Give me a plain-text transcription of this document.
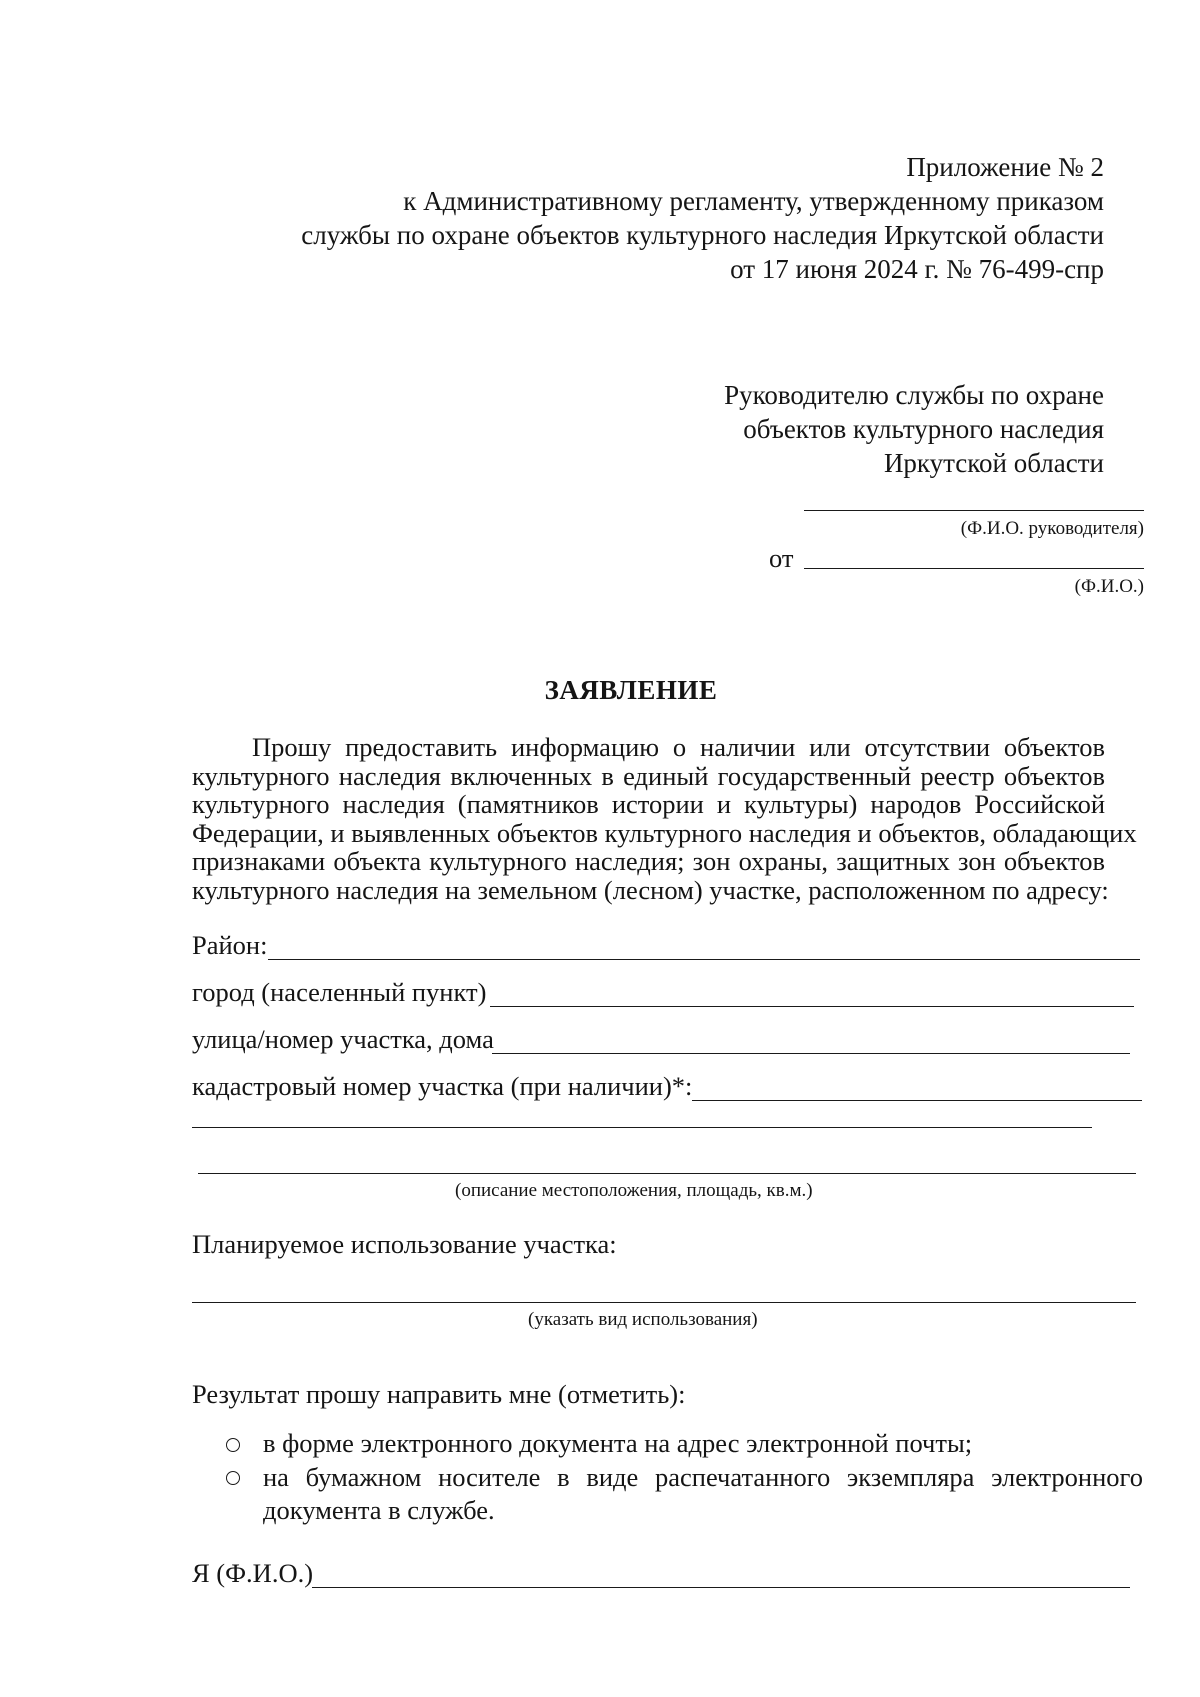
Приложение № 2
к Административному регламенту, утвержденному приказом
службы по охране объектов культурного наследия Иркутской области
от 17 июня 2024 г. № 76-499-спр
Руководителю службы по охране
объектов культурного наследия
Иркутской области
(Ф.И.О. руководителя)
от
(Ф.И.О.)
ЗАЯВЛЕНИЕ
Прошу предоставить информацию о наличии или отсутствии объектов
культурного наследия включенных в единый государственный реестр объектов
культурного наследия (памятников истории и культуры) народов Российской
Федерации, и выявленных объектов культурного наследия и объектов, обладающих
признаками объекта культурного наследия; зон охраны, защитных зон объектов
культурного наследия на земельном (лесном) участке, расположенном по адресу:
Район:
город (населенный пункт)
улица/номер участка, дома
кадастровый номер участка (при наличии)*:
(описание местоположения, площадь, кв.м.)
Планируемое использование участка:
(указать вид использования)
Результат прошу направить мне (отметить):
в форме электронного документа на адрес электронной почты;
на бумажном носителе в виде распечатанного экземпляра электронного документа в службе.
Я (Ф.И.О.)
